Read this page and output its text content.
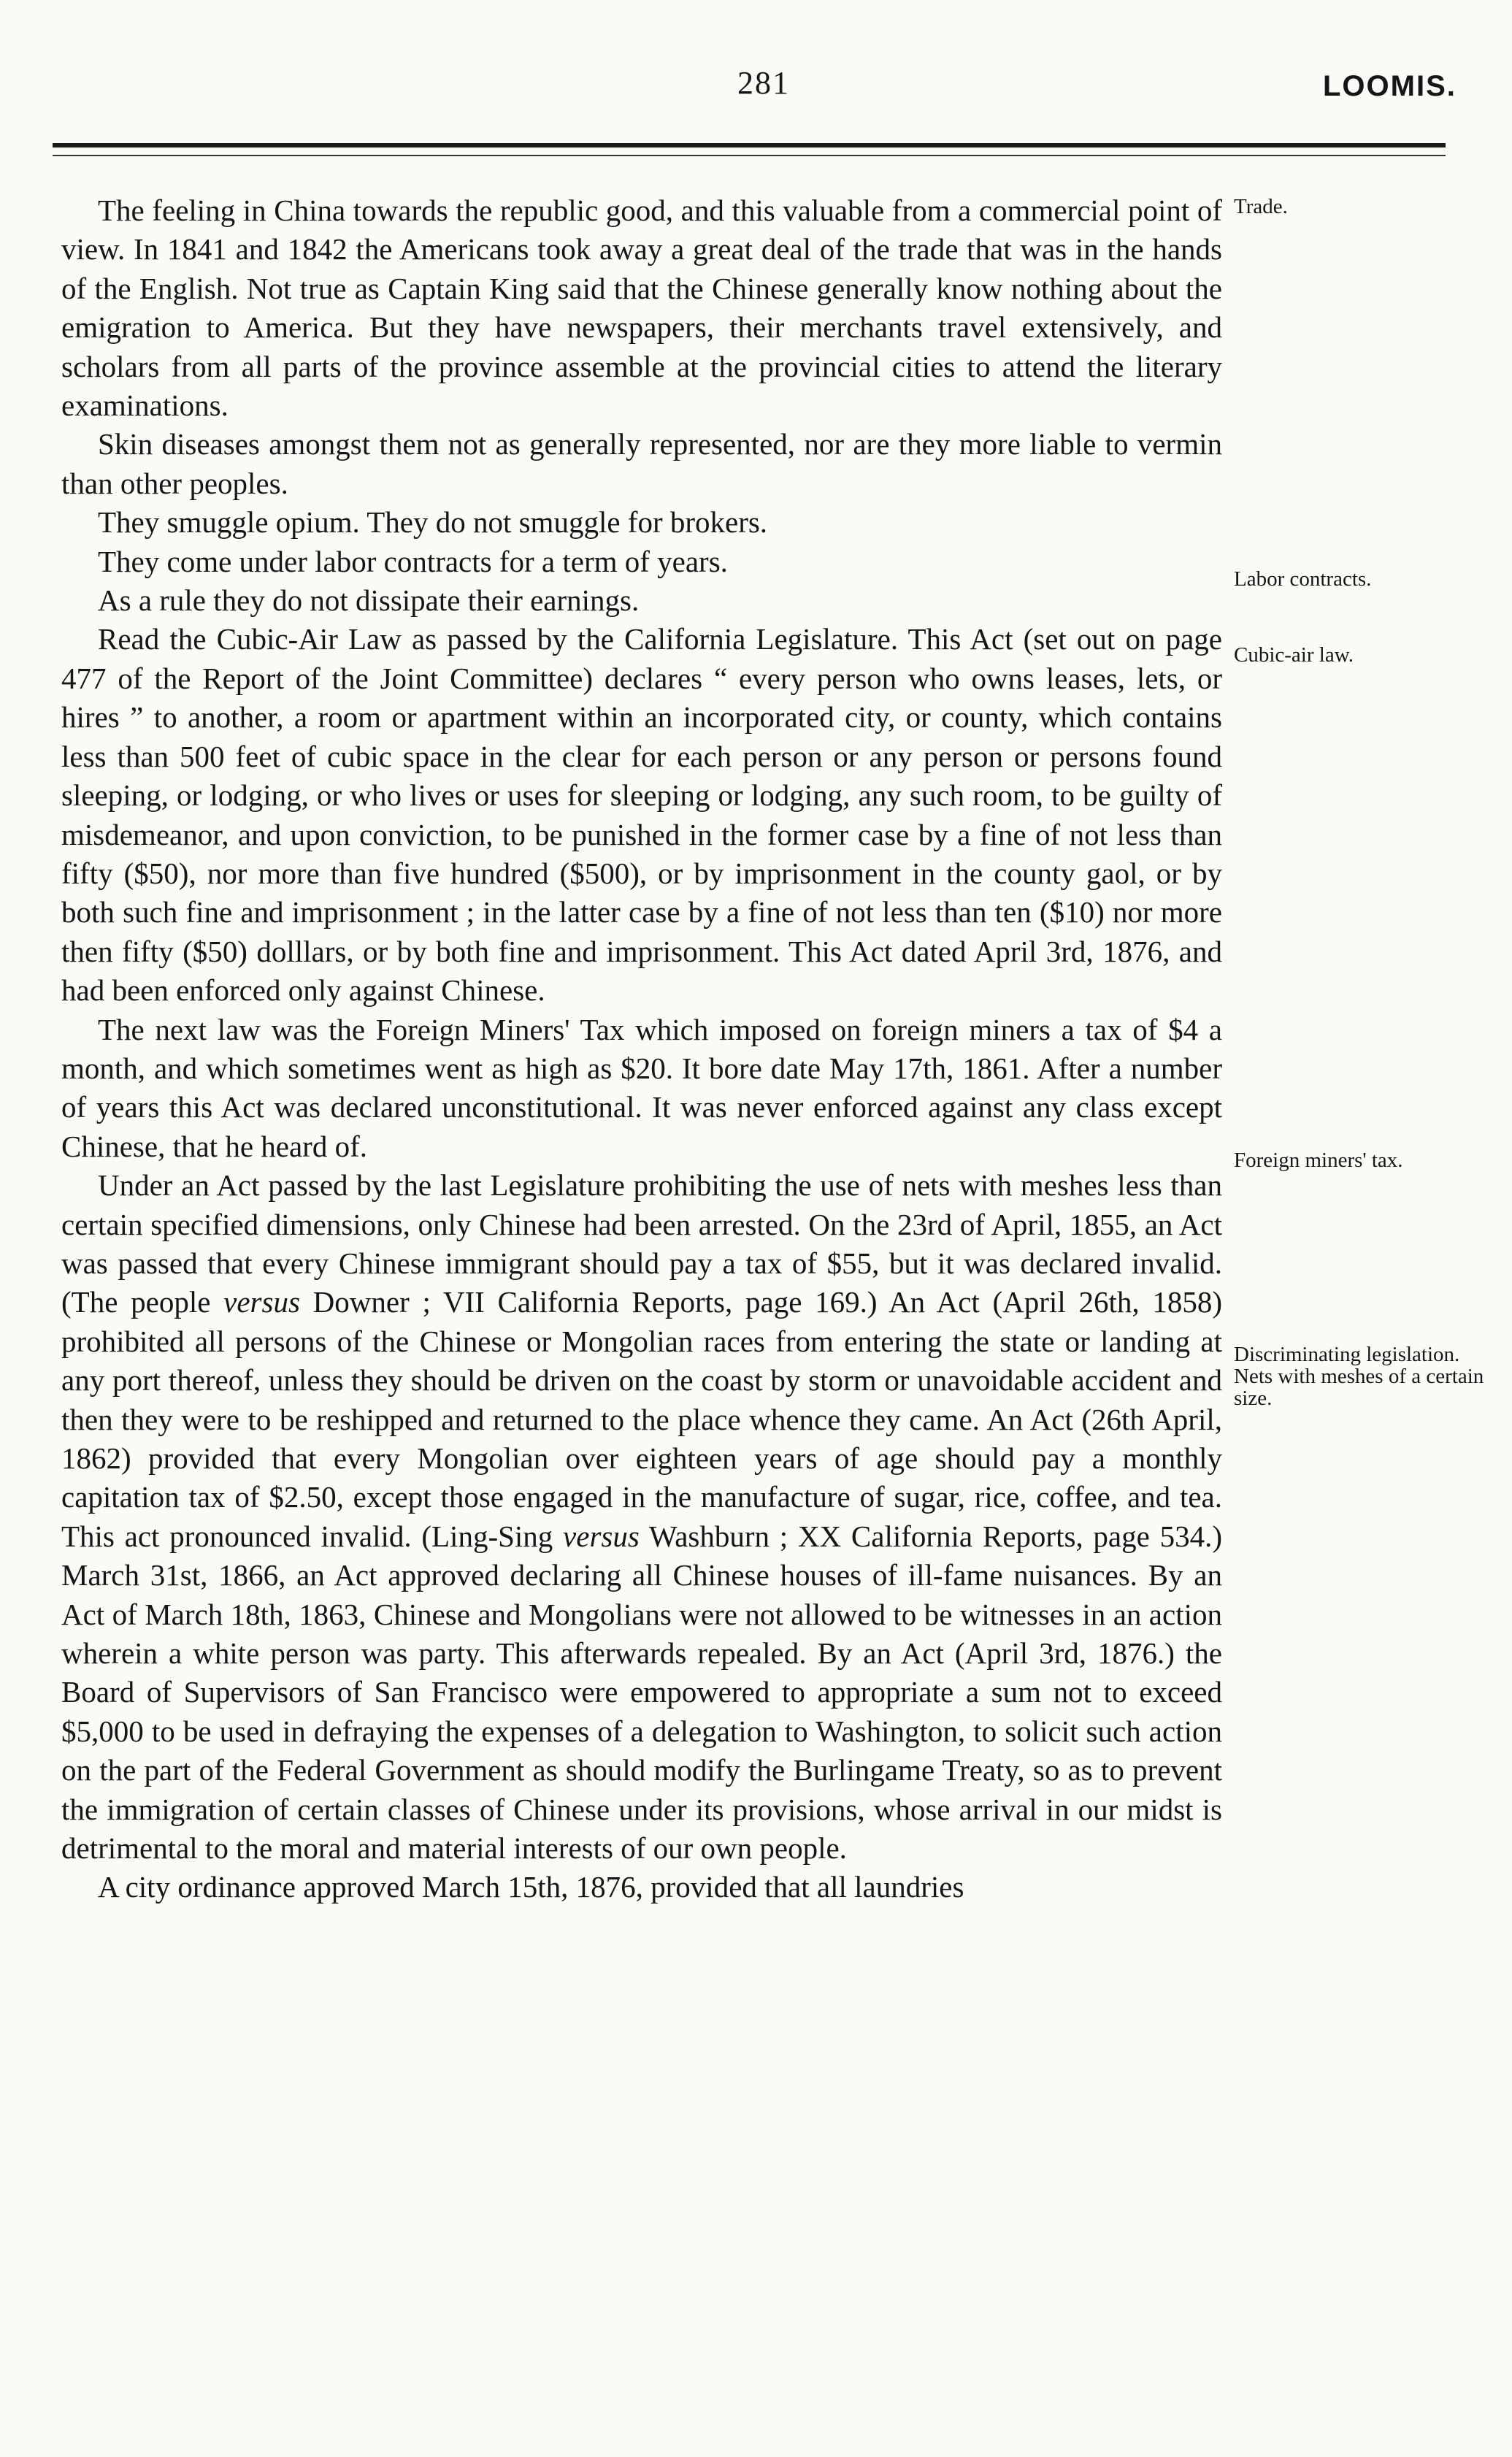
281	LOOMIS.

The feeling in China towards the republic good, and this valuable from a commercial point of view. In 1841 and 1842 the Americans took away a great deal of the trade that was in the hands of the English. Not true as Captain King said that the Chinese generally know nothing about the emigration to America. But they have newspapers, their merchants travel extensively, and scholars from all parts of the province assemble at the provincial cities to attend the literary examinations.

Skin diseases amongst them not as generally represented, nor are they more liable to vermin than other peoples.

They smuggle opium. They do not smuggle for brokers.

They come under labor contracts for a term of years.

As a rule they do not dissipate their earnings.

Read the Cubic-Air Law as passed by the California Legislature. This Act (set out on page 477 of the Report of the Joint Committee) declares “ every person who owns leases, lets, or hires ” to another, a room or apartment within an incorporated city, or county, which contains less than 500 feet of cubic space in the clear for each person or any person or persons found sleeping, or lodging, or who lives or uses for sleeping or lodging, any such room, to be guilty of misdemeanor, and upon conviction, to be punished in the former case by a fine of not less than fifty ($50), nor more than five hundred ($500), or by imprisonment in the county gaol, or by both such fine and imprisonment ; in the latter case by a fine of not less than ten ($10) nor more then fifty ($50) dolllars, or by both fine and imprisonment. This Act dated April 3rd, 1876, and had been enforced only against Chinese.

The next law was the Foreign Miners' Tax which imposed on foreign miners a tax of $4 a month, and which sometimes went as high as $20. It bore date May 17th, 1861. After a number of years this Act was declared unconstitutional. It was never enforced against any class except Chinese, that he heard of.

Under an Act passed by the last Legislature prohibiting the use of nets with meshes less than certain specified dimensions, only Chinese had been arrested. On the 23rd of April, 1855, an Act was passed that every Chinese immigrant should pay a tax of $55, but it was declared invalid. (The people versus Downer ; VII California Reports, page 169.) An Act (April 26th, 1858) prohibited all persons of the Chinese or Mongolian races from entering the state or landing at any port thereof, unless they should be driven on the coast by storm or unavoidable accident and then they were to be reshipped and returned to the place whence they came. An Act (26th April, 1862) provided that every Mongolian over eighteen years of age should pay a monthly capitation tax of $2.50, except those engaged in the manufacture of sugar, rice, coffee, and tea. This act pronounced invalid. (Ling-Sing versus Washburn ; XX California Reports, page 534.) March 31st, 1866, an Act approved declaring all Chinese houses of ill-fame nuisances. By an Act of March 18th, 1863, Chinese and Mongolians were not allowed to be witnesses in an action wherein a white person was party. This afterwards repealed. By an Act (April 3rd, 1876.) the Board of Supervisors of San Francisco were empowered to appropriate a sum not to exceed $5,000 to be used in defraying the expenses of a delegation to Washington, to solicit such action on the part of the Federal Government as should modify the Burlingame Treaty, so as to prevent the immigration of certain classes of Chinese under its provisions, whose arrival in our midst is detrimental to the moral and material interests of our own people.

A city ordinance approved March 15th, 1876, provided that all laundries

Trade.
Labor contracts.
Cubic-air law.
Foreign miners' tax.
Discriminating legislation. Nets with meshes of a certain size.
